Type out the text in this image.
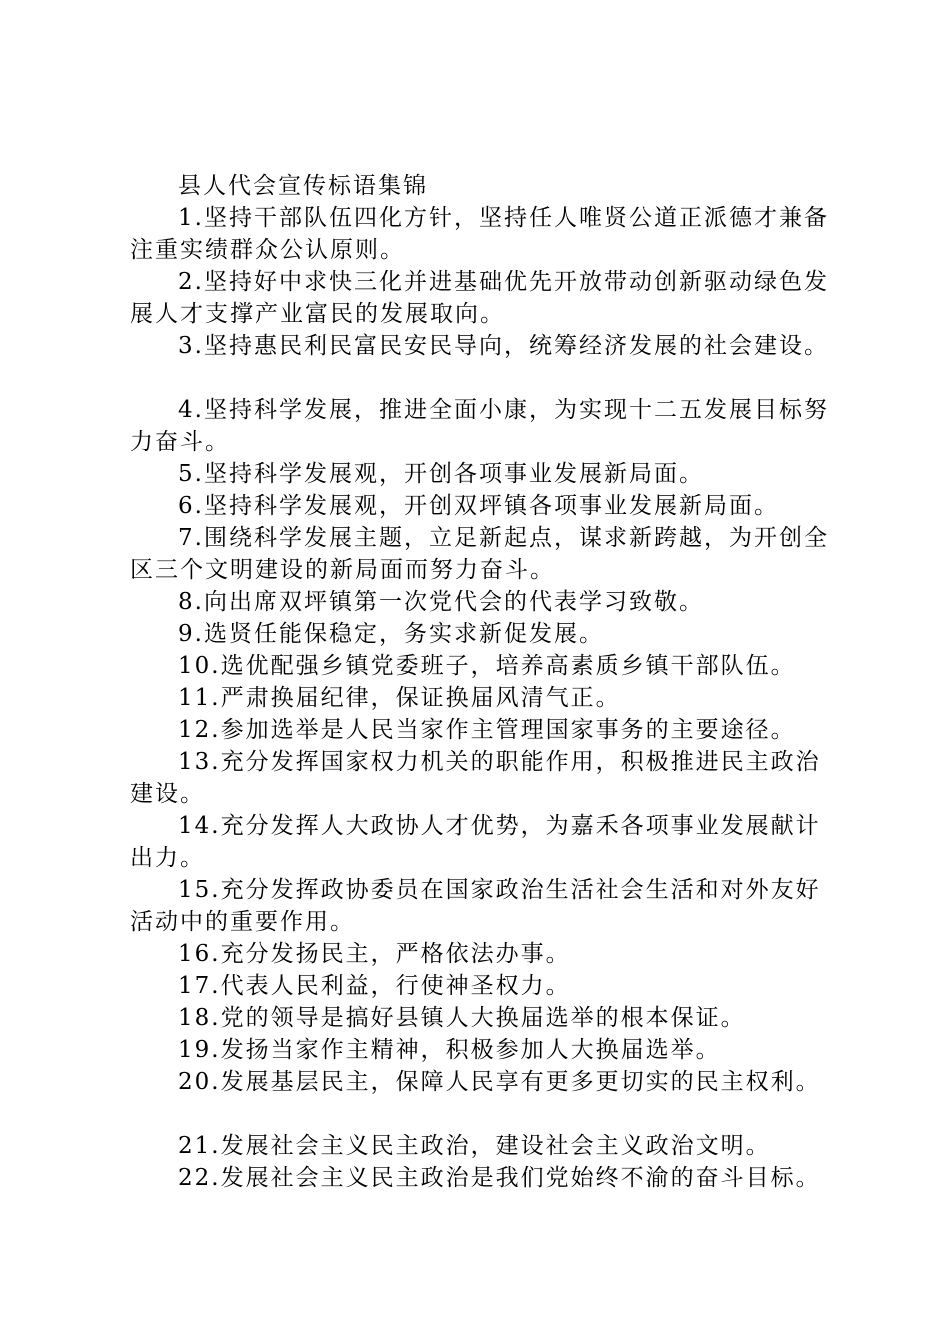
县人代会宣传标语集锦

1.坚持干部队伍四化方针，坚持任人唯贤公道正派德才兼备注重实绩群众公认原则。

2.坚持好中求快三化并进基础优先开放带动创新驱动绿色发展人才支撑产业富民的发展取向。

3.坚持惠民利民富民安民导向，统筹经济发展的社会建设。

4.坚持科学发展，推进全面小康，为实现十二五发展目标努力奋斗。

5.坚持科学发展观，开创各项事业发展新局面。

6.坚持科学发展观，开创双坪镇各项事业发展新局面。

7.围绕科学发展主题，立足新起点，谋求新跨越，为开创全区三个文明建设的新局面而努力奋斗。

8.向出席双坪镇第一次党代会的代表学习致敬。

9.选贤任能保稳定，务实求新促发展。

10.选优配强乡镇党委班子，培养高素质乡镇干部队伍。

11.严肃换届纪律，保证换届风清气正。

12.参加选举是人民当家作主管理国家事务的主要途径。

13.充分发挥国家权力机关的职能作用，积极推进民主政治建设。

14.充分发挥人大政协人才优势，为嘉禾各项事业发展献计出力。

15.充分发挥政协委员在国家政治生活社会生活和对外友好活动中的重要作用。

16.充分发扬民主，严格依法办事。

17.代表人民利益，行使神圣权力。

18.党的领导是搞好县镇人大换届选举的根本保证。

19.发扬当家作主精神，积极参加人大换届选举。

20.发展基层民主，保障人民享有更多更切实的民主权利。

21.发展社会主义民主政治，建设社会主义政治文明。

22.发展社会主义民主政治是我们党始终不渝的奋斗目标。
